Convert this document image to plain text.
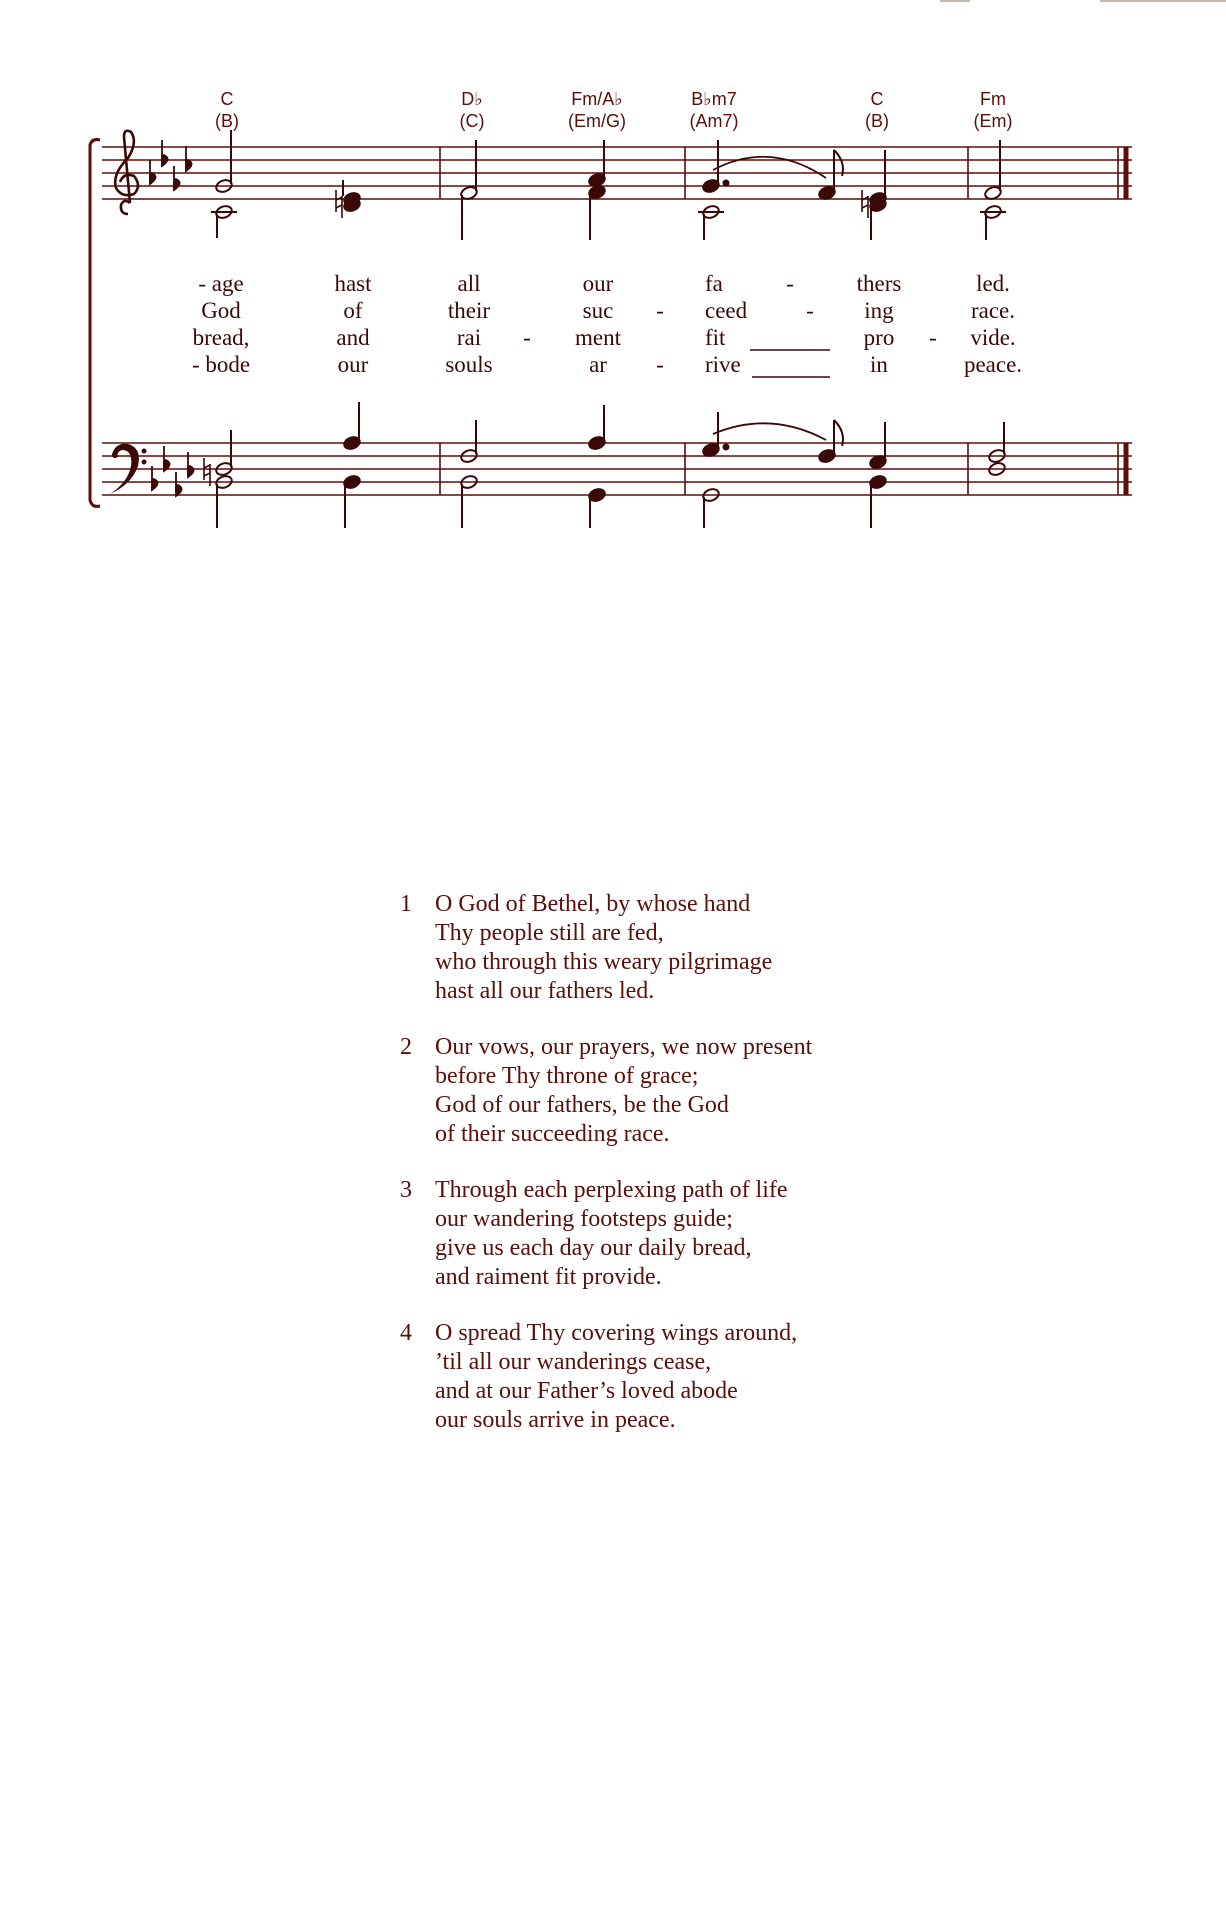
C
(B)
D♭
(C)
Fm/A♭
(Em/G)
B♭m7
(Am7)
C
(B)
Fm
(Em)
- age
God
bread,
- bode
hast
of
and
our
all
their
rai
souls
-
our
suc
ment
ar
-
-
fa
ceed
fit
rive
-
-
thers
ing
pro
in
-
led.
race.
vide.
peace.
1 O God of Bethel, by whose hand
Thy people still are fed,
who through this weary pilgrimage
hast all our fathers led.
2 Our vows, our prayers, we now present
before Thy throne of grace;
God of our fathers, be the God
of their succeeding race.
3 Through each perplexing path of life
our wandering footsteps guide;
give us each day our daily bread,
and raiment fit provide.
4 O spread Thy covering wings around,
’til all our wanderings cease,
and at our Father’s loved abode
our souls arrive in peace.
